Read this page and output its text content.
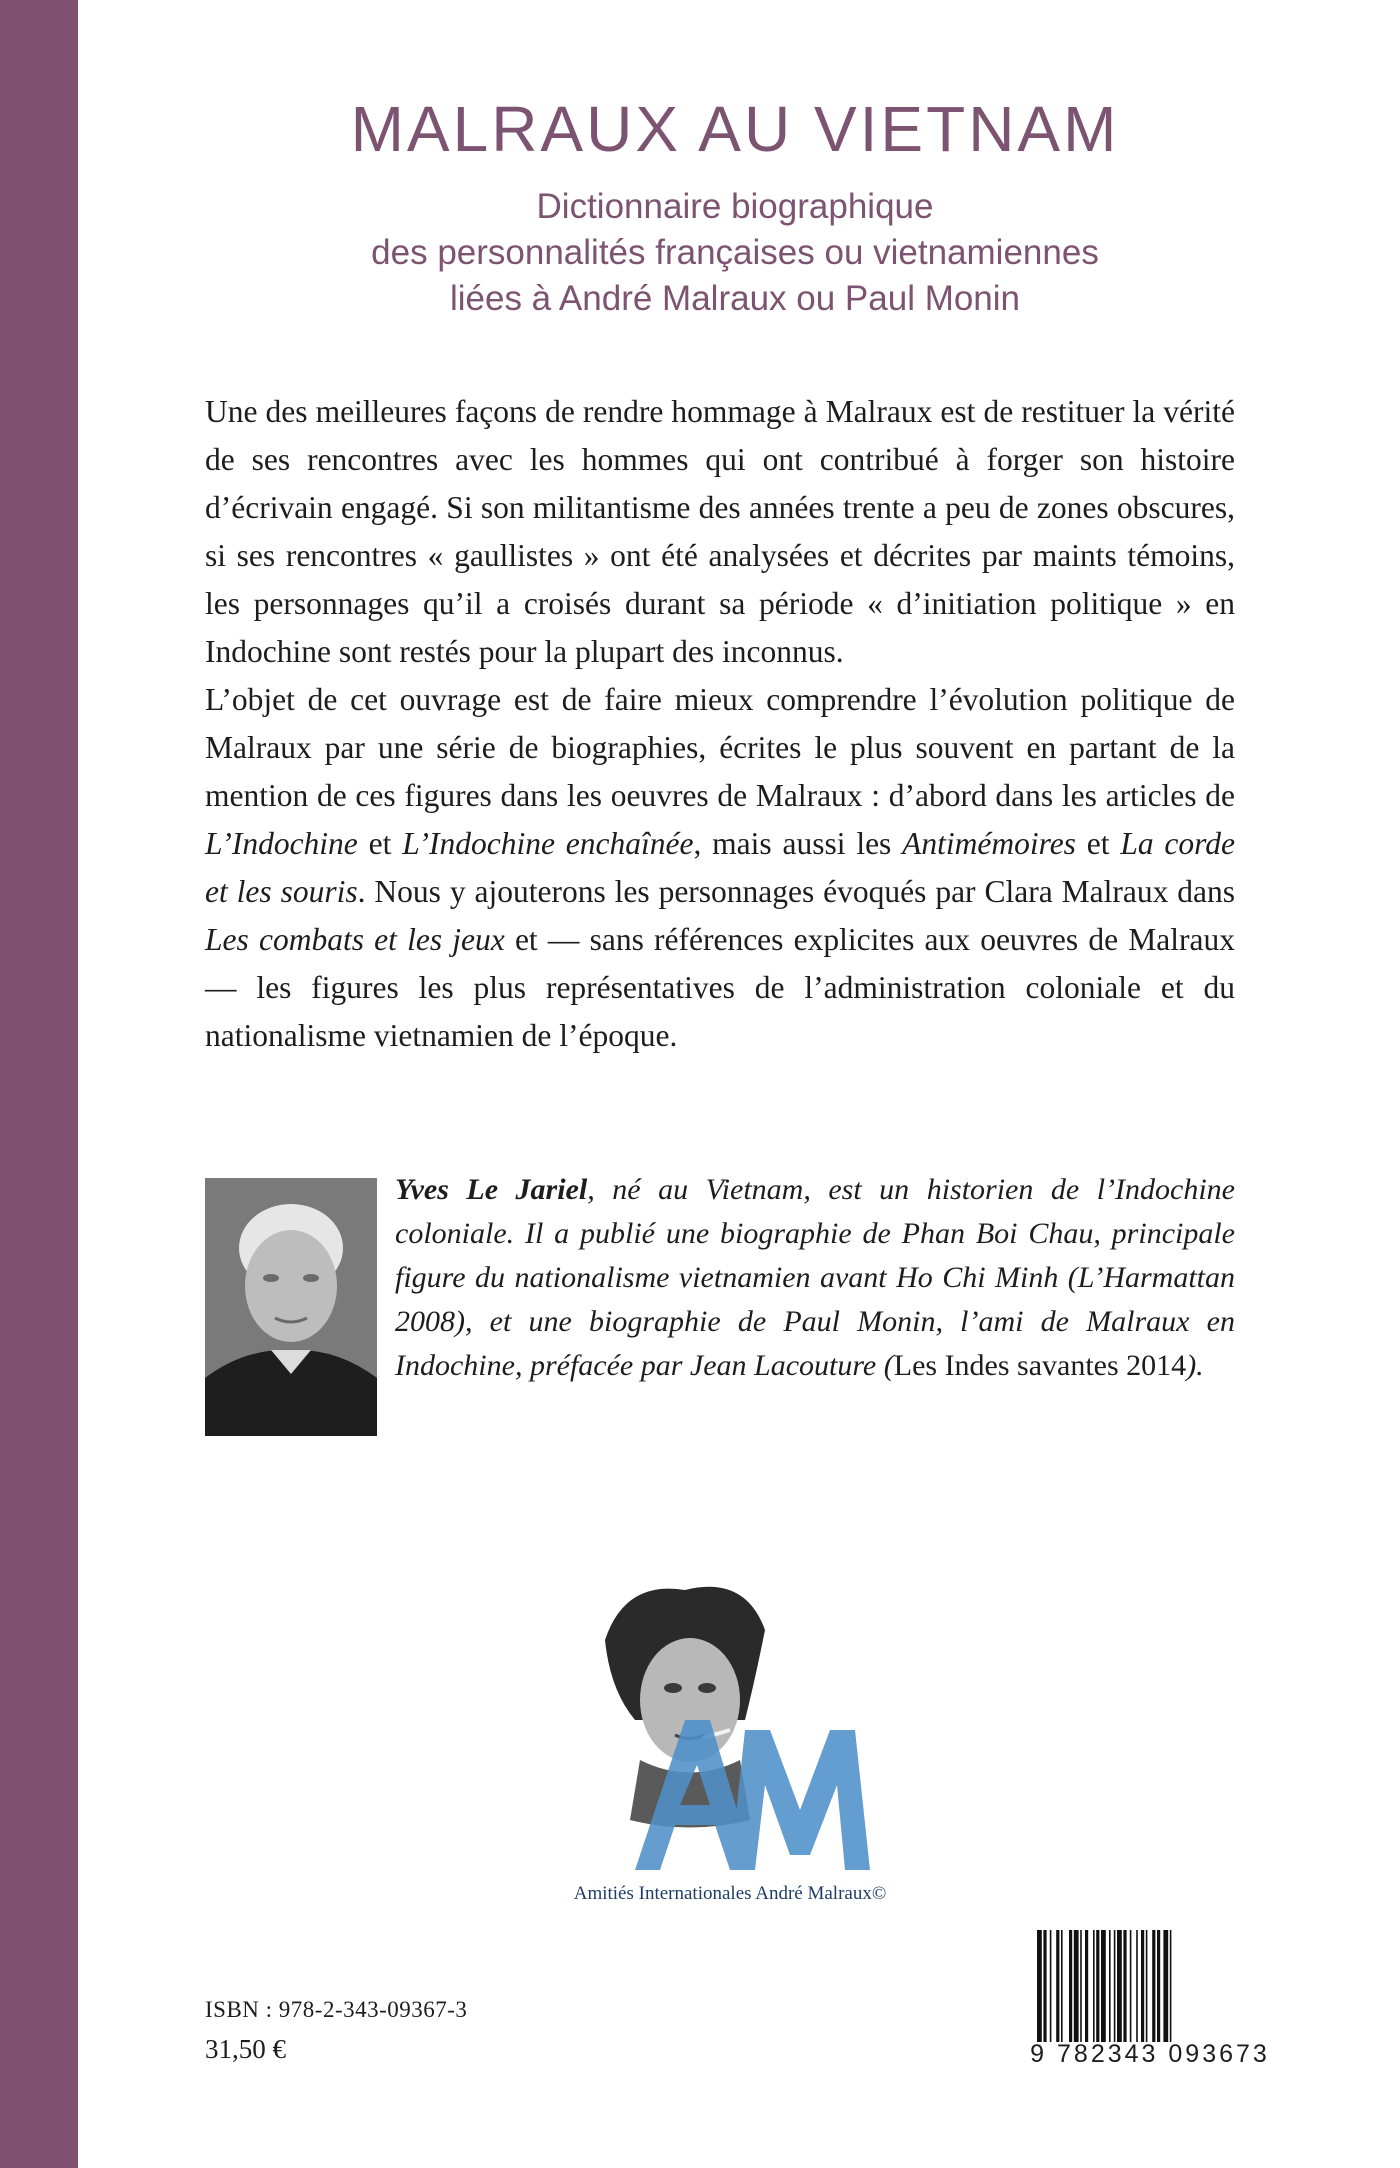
MALRAUX AU VIETNAM
Dictionnaire biographique
des personnalités françaises ou vietnamiennes
liées à André Malraux ou Paul Monin

Une des meilleures façons de rendre hommage à Malraux est de restituer la vérité de ses rencontres avec les hommes qui ont contribué à forger son histoire d’écrivain engagé. Si son militantisme des années trente a peu de zones obscures, si ses rencontres « gaullistes » ont été analysées et décrites par maints témoins, les personnages qu’il a croisés durant sa période « d’initiation politique » en Indochine sont restés pour la plupart des inconnus.

L’objet de cet ouvrage est de faire mieux comprendre l’évolution politique de Malraux par une série de biographies, écrites le plus souvent en partant de la mention de ces figures dans les oeuvres de Malraux : d’abord dans les articles de L’Indochine et L’Indochine enchaînée, mais aussi les Antimémoires et La corde et les souris. Nous y ajouterons les personnages évoqués par Clara Malraux dans Les combats et les jeux et — sans références explicites aux oeuvres de Malraux — les figures les plus représentatives de l’administration coloniale et du nationalisme vietnamien de l’époque.

Yves Le Jariel, né au Vietnam, est un historien de l’Indochine coloniale. Il a publié une biographie de Phan Boi Chau, principale figure du nationalisme vietnamien avant Ho Chi Minh (L’Harmattan 2008), et une biographie de Paul Monin, l’ami de Malraux en Indochine, préfacée par Jean Lacouture (Les Indes savantes 2014).

Amitiés Internationales André Malraux©
ISBN : 978-2-343-09367-3
31,50 €	9 782343 093673
